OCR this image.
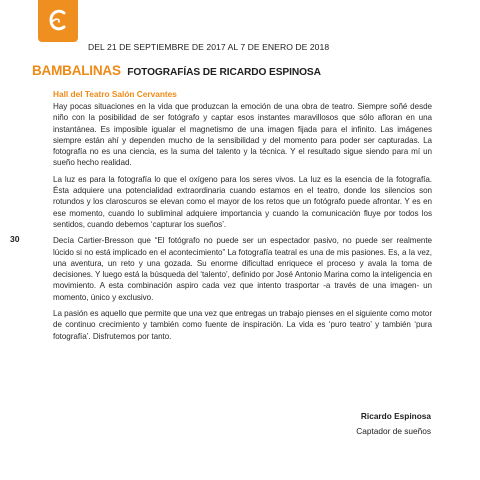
DEL 21 DE SEPTIEMBRE DE 2017 AL 7 DE ENERO DE 2018
BAMBALINAS FOTOGRAFÍAS DE RICARDO ESPINOSA
30
Hall del Teatro Salón Cervantes

Hay pocas situaciones en la vida que produzcan la emoción de una obra de teatro. Siempre soñé desde niño con la posibilidad de ser fotógrafo y captar esos instantes maravillosos que sólo afloran en una instantánea. Es imposible igualar el magnetismo de una imagen fijada para el infinito. Las imágenes siempre están ahí y dependen mucho de la sensibilidad y del momento para poder ser capturadas. La fotografía no es una ciencia, es la suma del talento y la técnica. Y el resultado sigue siendo para mí un sueño hecho realidad.

La luz es para la fotografía lo que el oxígeno para los seres vivos. La luz es la esencia de la fotografía. Ésta adquiere una potencialidad extraordinaria cuando estamos en el teatro, donde los silencios son rotundos y los claroscuros se elevan como el mayor de los retos que un fotógrafo puede afrontar. Y es en ese momento, cuando lo subliminal adquiere importancia y cuando la comunicación fluye por todos los sentidos, cuando debemos ‘capturar los sueños’.

Decía Cartier-Bresson que “El fotógrafo no puede ser un espectador pasivo, no puede ser realmente lúcido si no está implicado en el acontecimiento” La fotografía teatral es una de mis pasiones. Es, a la vez, una aventura, un reto y una gozada. Su enorme dificultad enriquece el proceso y avala la toma de decisiones. Y luego está la búsqueda del ‘talento’, definido por José Antonio Marina como la inteligencia en movimiento. A esta combinación aspiro cada vez que intento trasportar -a través de una imagen- un momento, único y exclusivo.

La pasión es aquello que permite que una vez que entregas un trabajo pienses en el siguiente como motor de continuo crecimiento y también como fuente de inspiración. La vida es ‘puro teatro’ y también ‘pura fotografía’. Disfrutemos por tanto.

Ricardo Espinosa
Captador de sueños
